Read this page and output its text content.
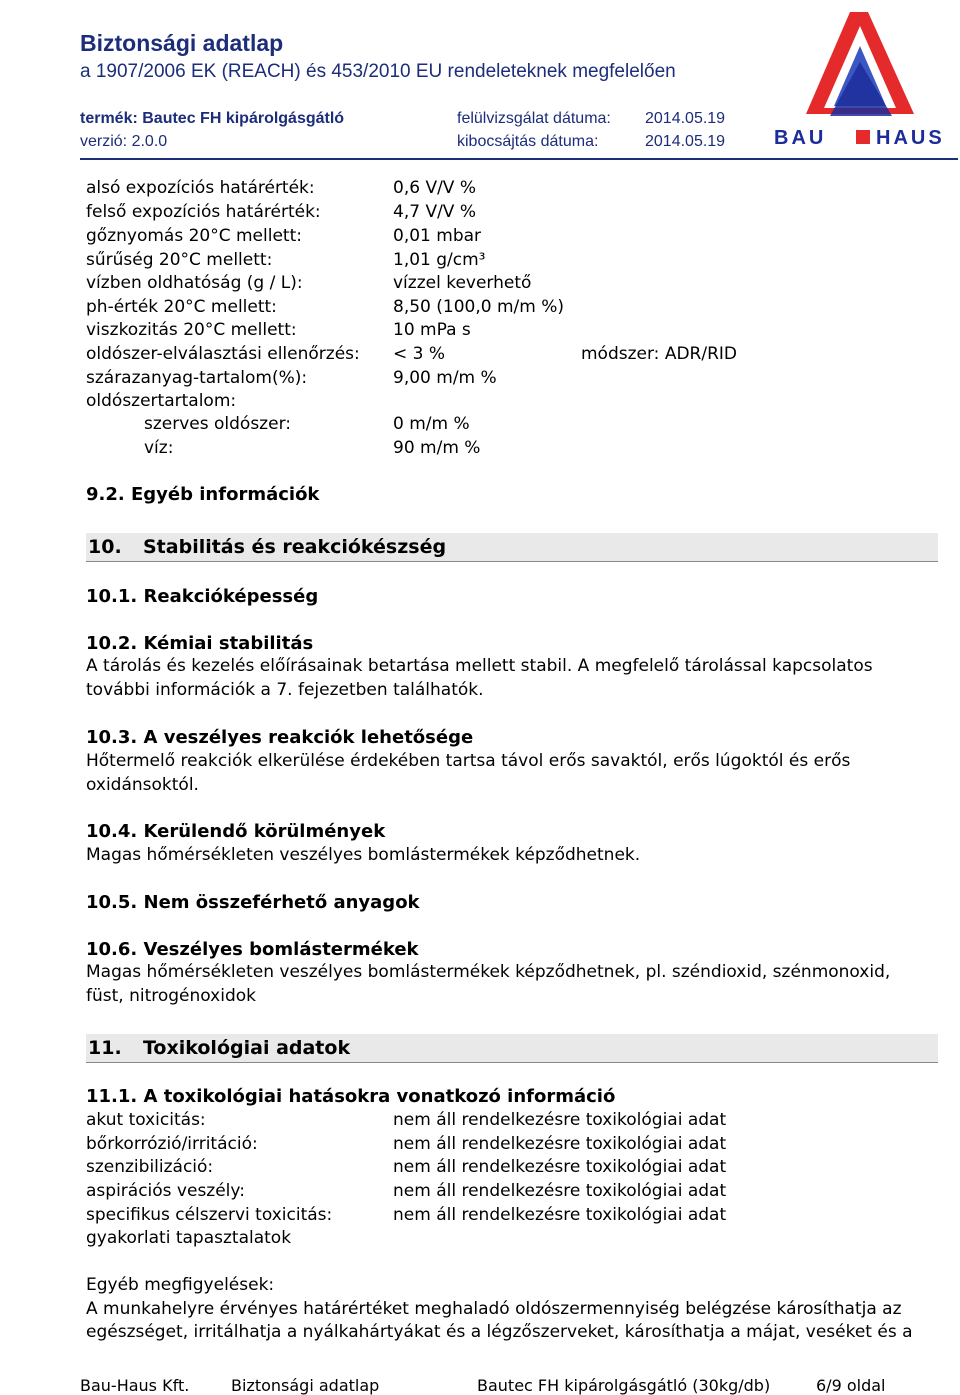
Biztonsági adatlap
a 1907/2006 EK (REACH) és 453/2010 EU rendeleteknek megfelelően
termék: Bautec FH kipárolgásgátló
verzió: 2.0.0
felülvizsgálat dátuma: 2014.05.19
kibocsájtás dátuma:	2014.05.19 BAU HAUS
alsó expozíciós határérték:	0,6 V/V %
felső expozíciós határérték:	4,7 V/V %
gőznyomás 20°C mellett:	0,01 mbar
sűrűség 20°C mellett:	1,01 g/cm³
vízben oldhatóság (g / L):	vízzel keverhető
ph-érték 20°C mellett:	8,50 (100,0 m/m %)
viszkozitás 20°C mellett:	10 mPa s
oldószer-elválasztási ellenőrzés: < 3 %	módszer: ADR/RID
szárazanyag-tartalom(%):	9,00 m/m %
oldószertartalom:
szerves oldószer:	0 m/m %
víz:	90 m/m %
9.2. Egyéb információk
10. Stabilitás és reakciókészség
10.1. Reakcióképesség
10.2. Kémiai stabilitás
A tárolás és kezelés előírásainak betartása mellett stabil. A megfelelő tárolással kapcsolatos
további információk a 7. fejezetben találhatók.
10.3. A veszélyes reakciók lehetősége
Hőtermelő reakciók elkerülése érdekében tartsa távol erős savaktól, erős lúgoktól és erős
oxidánsoktól.
10.4. Kerülendő körülmények
Magas hőmérsékleten veszélyes bomlástermékek képződhetnek.
10.5. Nem összeférhető anyagok
10.6. Veszélyes bomlástermékek
Magas hőmérsékleten veszélyes bomlástermékek képződhetnek, pl. széndioxid, szénmonoxid,
füst, nitrogénoxidok
11. Toxikológiai adatok
11.1. A toxikológiai hatásokra vonatkozó információ
akut toxicitás:	nem áll rendelkezésre toxikológiai adat
bőrkorrózió/irritáció:	nem áll rendelkezésre toxikológiai adat
szenzibilizáció:	nem áll rendelkezésre toxikológiai adat
aspirációs veszély:	nem áll rendelkezésre toxikológiai adat
specifikus célszervi toxicitás:	nem áll rendelkezésre toxikológiai adat
gyakorlati tapasztalatok
Egyéb megfigyelések:
A munkahelyre érvényes határértéket meghaladó oldószermennyiség belégzése károsíthatja az
egészséget, irritálhatja a nyálkahártyákat és a légzőszerveket, károsíthatja a májat, veséket és a
Bau-Haus Kft.	Biztonsági adatlap	Bautec FH kipárolgásgátló (30kg/db)	6/9 oldal
